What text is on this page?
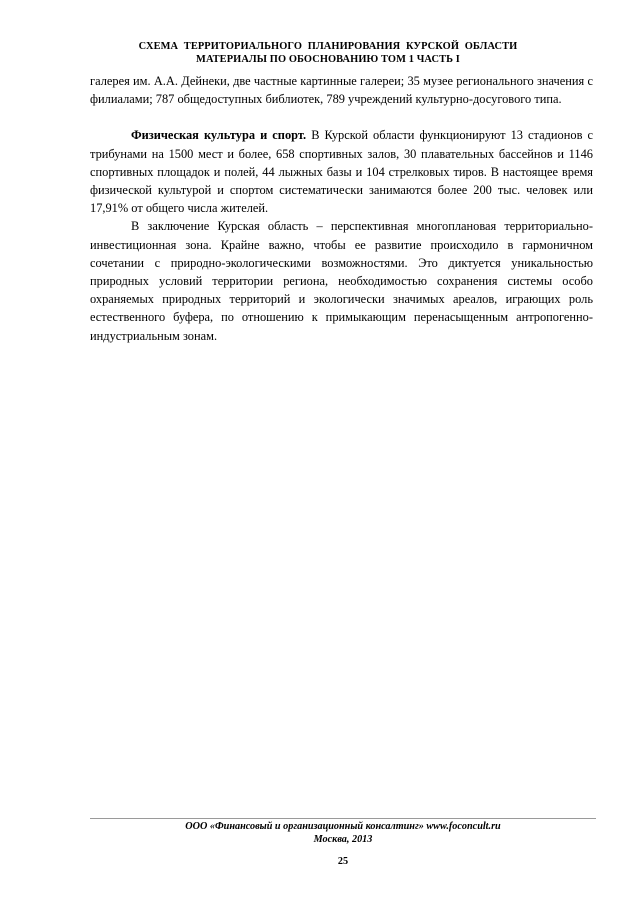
СХЕМА ТЕРРИТОРИАЛЬНОГО ПЛАНИРОВАНИЯ КУРСКОЙ ОБЛАСТИ
МАТЕРИАЛЫ ПО ОБОСНОВАНИЮ ТОМ 1 ЧАСТЬ I

галерея им. А.А. Дейнеки, две частные картинные галереи; 35 музее регионального значения с филиалами; 787 общедоступных библиотек, 789 учреждений культурно-досугового типа.

Физическая культура и спорт. В Курской области функционируют 13 стадионов с трибунами на 1500 мест и более, 658 спортивных залов, 30 плавательных бассейнов и 1146 спортивных площадок и полей, 44 лыжных базы и 104 стрелковых тиров. В настоящее время физической культурой и спортом систематически занимаются более 200 тыс. человек или 17,91% от общего числа жителей.

В заключение Курская область – перспективная многоплановая территориально-инвестиционная зона. Крайне важно, чтобы ее развитие происходило в гармоничном сочетании с природно-экологическими возможностями. Это диктуется уникальностью природных условий территории региона, необходимостью сохранения системы особо охраняемых природных территорий и экологически значимых ареалов, играющих роль естественного буфера, по отношению к примыкающим перенасыщенным антропогенно-индустриальным зонам.

ООО «Финансовый и организационный консалтинг» www.foconcult.ru
Москва, 2013
25
